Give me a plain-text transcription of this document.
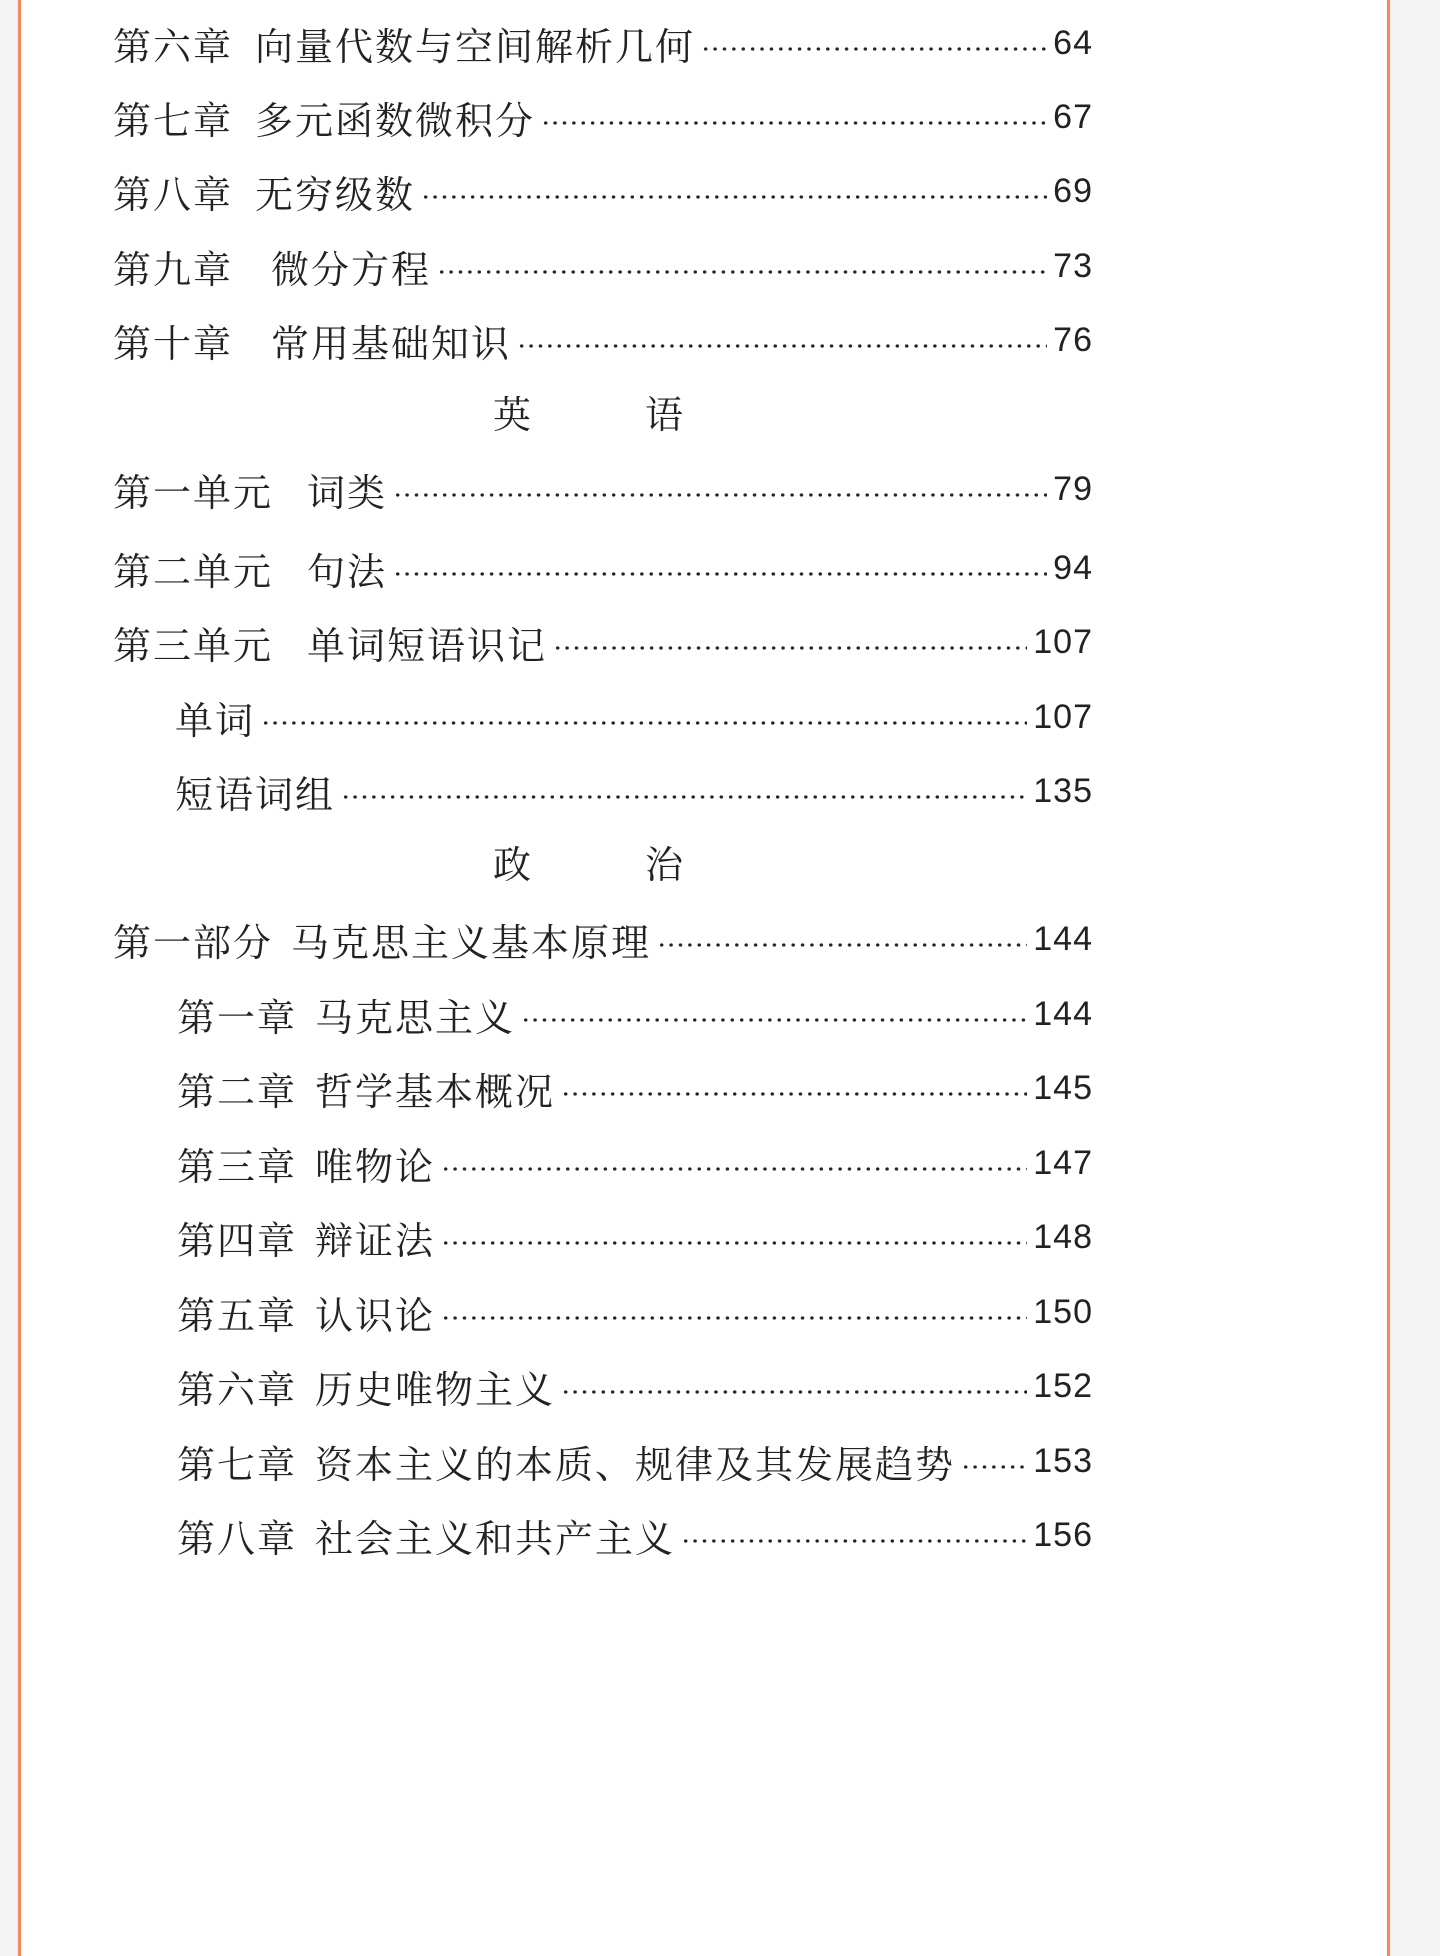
第六章 向量代数与空间解析几何	64
第七章 多元函数微积分	67
第八章 无穷级数	69
第九章 微分方程	73
第十章 常用基础知识	76
英　语
第一单元 词类	79
第二单元 句法	94
第三单元 单词短语识记	107
单词	107
短语词组	135
政　治
第一部分 马克思主义基本原理	144
第一章 马克思主义	144
第二章 哲学基本概况	145
第三章 唯物论	147
第四章 辩证法	148
第五章 认识论	150
第六章 历史唯物主义	152
第七章 资本主义的本质、规律及其发展趋势 153
第八章 社会主义和共产主义	156
